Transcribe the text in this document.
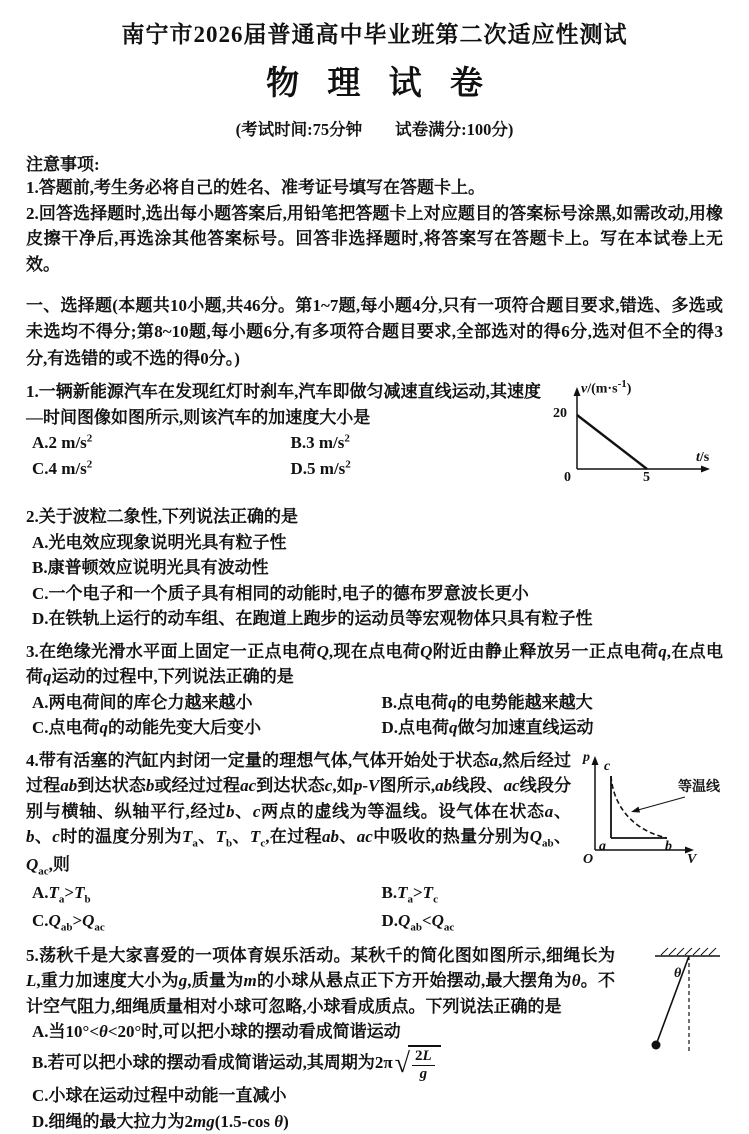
南宁市2026届普通高中毕业班第二次适应性测试
物 理 试 卷
(考试时间:75分钟　　试卷满分:100分)
注意事项:

1.答题前,考生务必将自己的姓名、准考证号填写在答题卡上。

2.回答选择题时,选出每小题答案后,用铅笔把答题卡上对应题目的答案标号涂黑,如需改动,用橡皮擦干净后,再选涂其他答案标号。回答非选择题时,将答案写在答题卡上。写在本试卷上无效。

一、选择题(本题共10小题,共46分。第1~7题,每小题4分,只有一项符合题目要求,错选、多选或未选均不得分;第8~10题,每小题6分,有多项符合题目要求,全部选对的得6分,选对但不全的得3分,有选错的或不选的得0分。)

$v/(m\cdot s^{-1})$
20
0	5
t/s

1.一辆新能源汽车在发现红灯时刹车,汽车即做匀减速直线运动,其速度—时间图像如图所示,则该汽车的加速度大小是

A.2 $m/s^2$	B.3 $m/s^2$
C.4 $m/s^2$	D.5 $m/s^2$

2.关于波粒二象性,下列说法正确的是

A.光电效应现象说明光具有粒子性
B.康普顿效应说明光具有波动性
C.一个电子和一个质子具有相同的动能时,电子的德布罗意波长更小
D.在铁轨上运行的动车组、在跑道上跑步的运动员等宏观物体只具有粒子性

3.在绝缘光滑水平面上固定一正点电荷Q,现在点电荷Q附近由静止释放另一正点电荷q,在点电荷q运动的过程中,下列说法正确的是

A.两电荷间的库仑力越来越小	B.点电荷q的电势能越来越大
C.点电荷q的动能先变大后变小	D.点电荷q做匀加速直线运动
p
c
a	b
O	V
等温线

4.带有活塞的汽缸内封闭一定量的理想气体,气体开始处于状态a,然后经过过程ab到达状态b或经过过程ac到达状态c,如p-V图所示,ab线段、ac线段分别与横轴、纵轴平行,经过b、c两点的虚线为等温线。设气体在状态a、b、c时的温度分别为$T_a$、$T_b$、$T_c$,在过程ab、ac中吸收的热量分别为$Q_{ab}$、$Q_{ac}$,则

$A.T_a>T_b$	$B.T_a>T_c$
$C.Q_{ab}>Q_{ac}$	$D.Q_{ab}<Q_{ac}$
θ

5.荡秋千是大家喜爱的一项体育娱乐活动。某秋千的简化图如图所示,细绳长为L,重力加速度大小为g,质量为m的小球从悬点正下方开始摆动,最大摆角为θ。不计空气阻力,细绳质量相对小球可忽略,小球看成质点。下列说法正确的是

A.当10°<θ<20°时,可以把小球的摆动看成简谐运动
B.若可以把小球的摆动看成简谐运动,其周期为2π √ $\frac{2L}{g}$
C.小球在运动过程中动能一直减小
D.细绳的最大拉力为2mg(1.5-cos θ)
